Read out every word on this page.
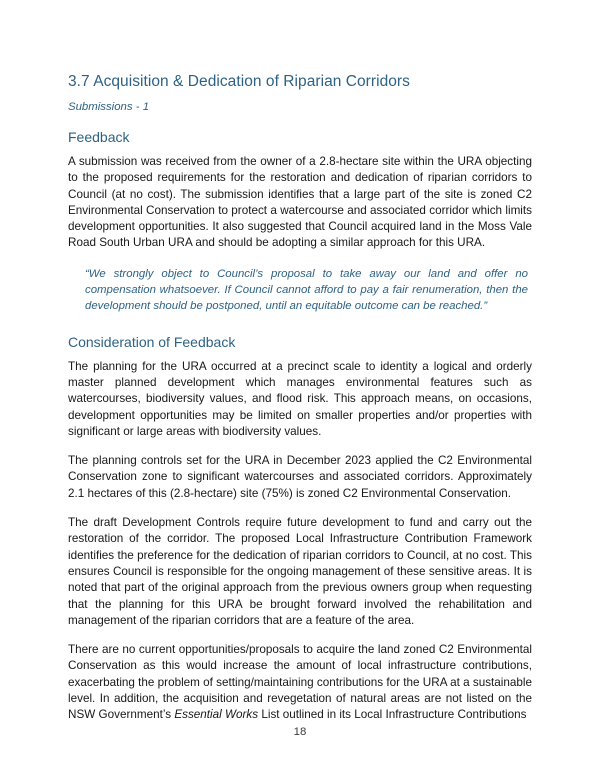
3.7 Acquisition & Dedication of Riparian Corridors
Submissions - 1
Feedback

A submission was received from the owner of a 2.8-hectare site within the URA objecting to the proposed requirements for the restoration and dedication of riparian corridors to Council (at no cost). The submission identifies that a large part of the site is zoned C2 Environmental Conservation to protect a watercourse and associated corridor which limits development opportunities. It also suggested that Council acquired land in the Moss Vale Road South Urban URA and should be adopting a similar approach for this URA.

“We strongly object to Council’s proposal to take away our land and offer no compensation whatsoever. If Council cannot afford to pay a fair renumeration, then the development should be postponed, until an equitable outcome can be reached.”
Consideration of Feedback

The planning for the URA occurred at a precinct scale to identity a logical and orderly master planned development which manages environmental features such as watercourses, biodiversity values, and flood risk. This approach means, on occasions, development opportunities may be limited on smaller properties and/or properties with significant or large areas with biodiversity values.

The planning controls set for the URA in December 2023 applied the C2 Environmental Conservation zone to significant watercourses and associated corridors. Approximately 2.1 hectares of this (2.8-hectare) site (75%) is zoned C2 Environmental Conservation.

The draft Development Controls require future development to fund and carry out the restoration of the corridor. The proposed Local Infrastructure Contribution Framework identifies the preference for the dedication of riparian corridors to Council, at no cost. This ensures Council is responsible for the ongoing management of these sensitive areas. It is noted that part of the original approach from the previous owners group when requesting that the planning for this URA be brought forward involved the rehabilitation and management of the riparian corridors that are a feature of the area.

There are no current opportunities/proposals to acquire the land zoned C2 Environmental Conservation as this would increase the amount of local infrastructure contributions, exacerbating the problem of setting/maintaining contributions for the URA at a sustainable level. In addition, the acquisition and revegetation of natural areas are not listed on the NSW Government’s Essential Works List outlined in its Local Infrastructure Contributions

18
